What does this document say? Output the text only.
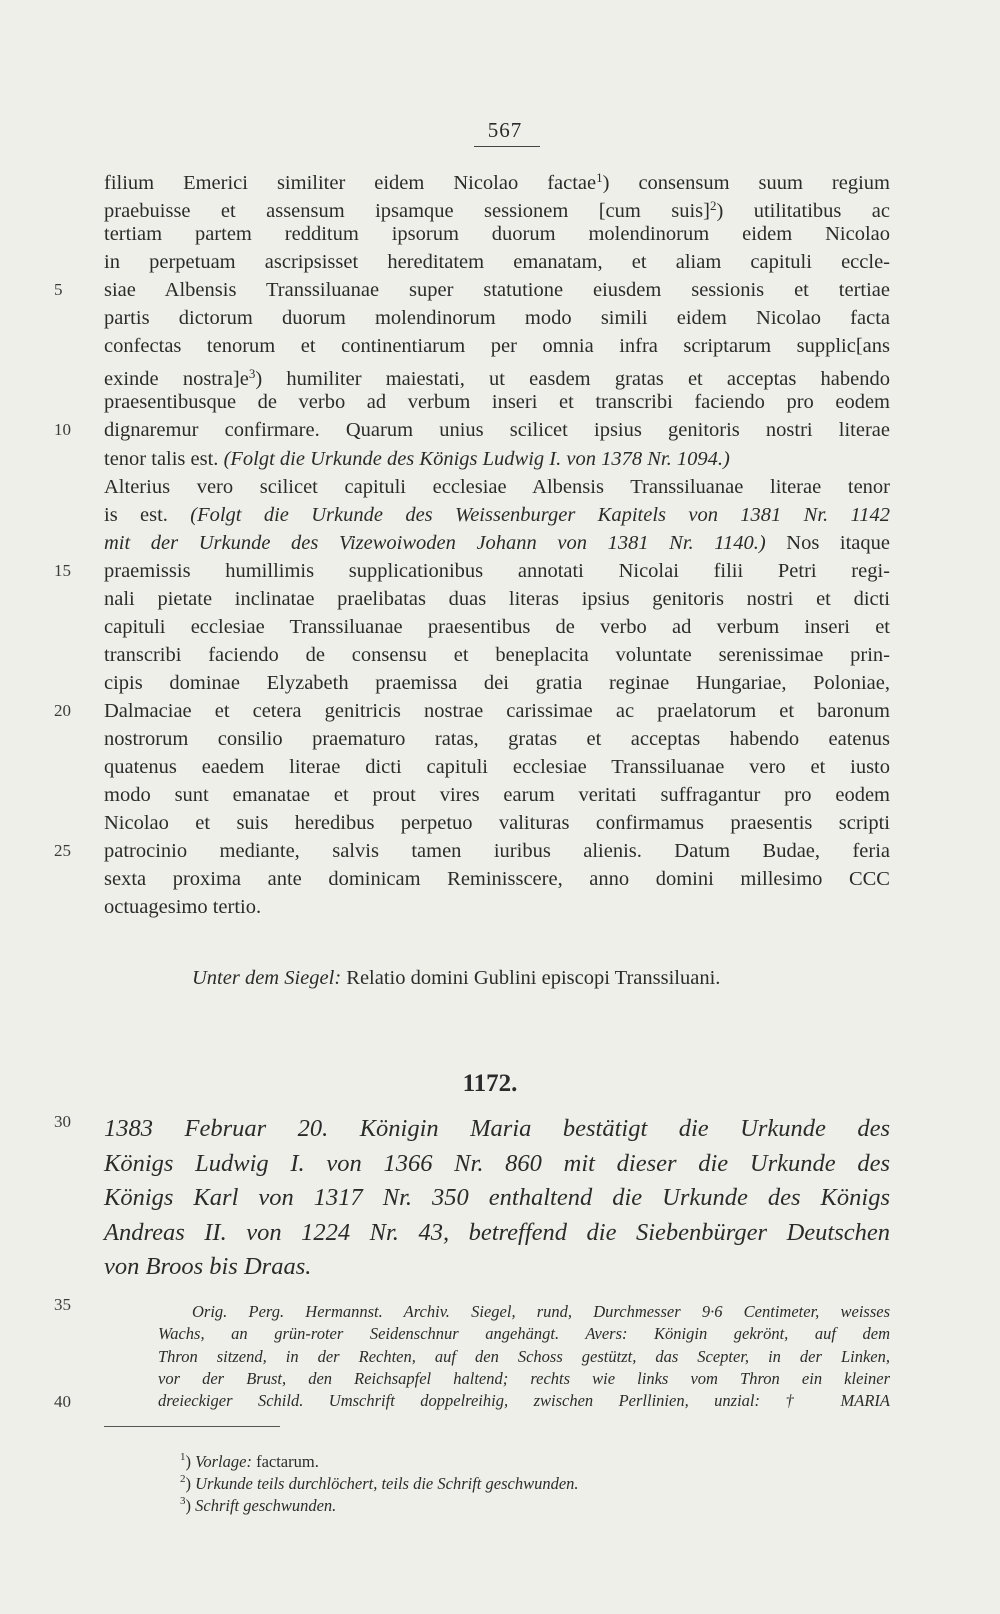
567
filium Emerici similiter eidem Nicolao factae$^1$) consensum suum regium
praebuisse et assensum ipsamque sessionem [cum suis]$^2$) utilitatibus ac
tertiam partem redditum ipsorum duorum molendinorum eidem Nicolao
in perpetuam ascripsisset hereditatem emanatam, et aliam capituli eccle-
siae Albensis Transsiluanae super statutione eiusdem sessionis et tertiae
5
partis dictorum duorum molendinorum modo simili eidem Nicolao facta
confectas tenorum et continentiarum per omnia infra scriptarum supplic[ans
exinde $nostra]e^3$) humiliter maiestati, ut easdem gratas et acceptas habendo
praesentibusque de verbo ad verbum inseri et transcribi faciendo pro eodem
dignaremur confirmare. Quarum unius scilicet ipsius genitoris nostri literae
10
tenor talis est. (Folgt die Urkunde des Königs Ludwig I. von 1378 Nr. 1094.)
Alterius vero scilicet capituli ecclesiae Albensis Transsiluanae literae tenor
is est. (Folgt die Urkunde des Weissenburger Kapitels von 1381 Nr. 1142
mit der Urkunde des Vizewoiwoden Johann von 1381 Nr. 1140.) Nos itaque
praemissis humillimis supplicationibus annotati Nicolai filii Petri regi-
15
nali pietate inclinatae praelibatas duas literas ipsius genitoris nostri et dicti
capituli ecclesiae Transsiluanae praesentibus de verbo ad verbum inseri et
transcribi faciendo de consensu et beneplacita voluntate serenissimae prin-
cipis dominae Elyzabeth praemissa dei gratia reginae Hungariae, Poloniae,
Dalmaciae et cetera genitricis nostrae carissimae ac praelatorum et baronum
20
nostrorum consilio praematuro ratas, gratas et acceptas habendo eatenus
quatenus eaedem literae dicti capituli ecclesiae Transsiluanae vero et iusto
modo sunt emanatae et prout vires earum veritati suffragantur pro eodem
Nicolao et suis heredibus perpetuo valituras confirmamus praesentis scripti
patrocinio mediante, salvis tamen iuribus alienis. Datum Budae, feria
25
sexta proxima ante dominicam Reminisscere, anno domini millesimo CCC
octuagesimo tertio.
Unter dem Siegel: Relatio domini Gublini episcopi Transsiluani.
1172.
1383 Februar 20. Königin Maria bestätigt die Urkunde des
30
Königs Ludwig I. von 1366 Nr. 860 mit dieser die Urkunde des
Königs Karl von 1317 Nr. 350 enthaltend die Urkunde des Königs
Andreas II. von 1224 Nr. 43, betreffend die Siebenbürger Deutschen
von Broos bis Draas.
Orig. Perg. Hermannst. Archiv. Siegel, rund, Durchmesser 9·6 Centimeter, weisses
35
Wachs, an grün-roter Seidenschnur angehängt. Avers: Königin gekrönt, auf dem
Thron sitzend, in der Rechten, auf den Schoss gestützt, das Scepter, in der Linken,
vor der Brust, den Reichsapfel haltend; rechts wie links vom Thron ein kleiner
dreieckiger Schild. Umschrift doppelreihig, zwischen Perllinien, unzial: † MARIA
40
$^1$) Vorlage: factarum.
$^2$) Urkunde teils durchlöchert, teils die Schrift geschwunden.
$^3$) Schrift geschwunden.
